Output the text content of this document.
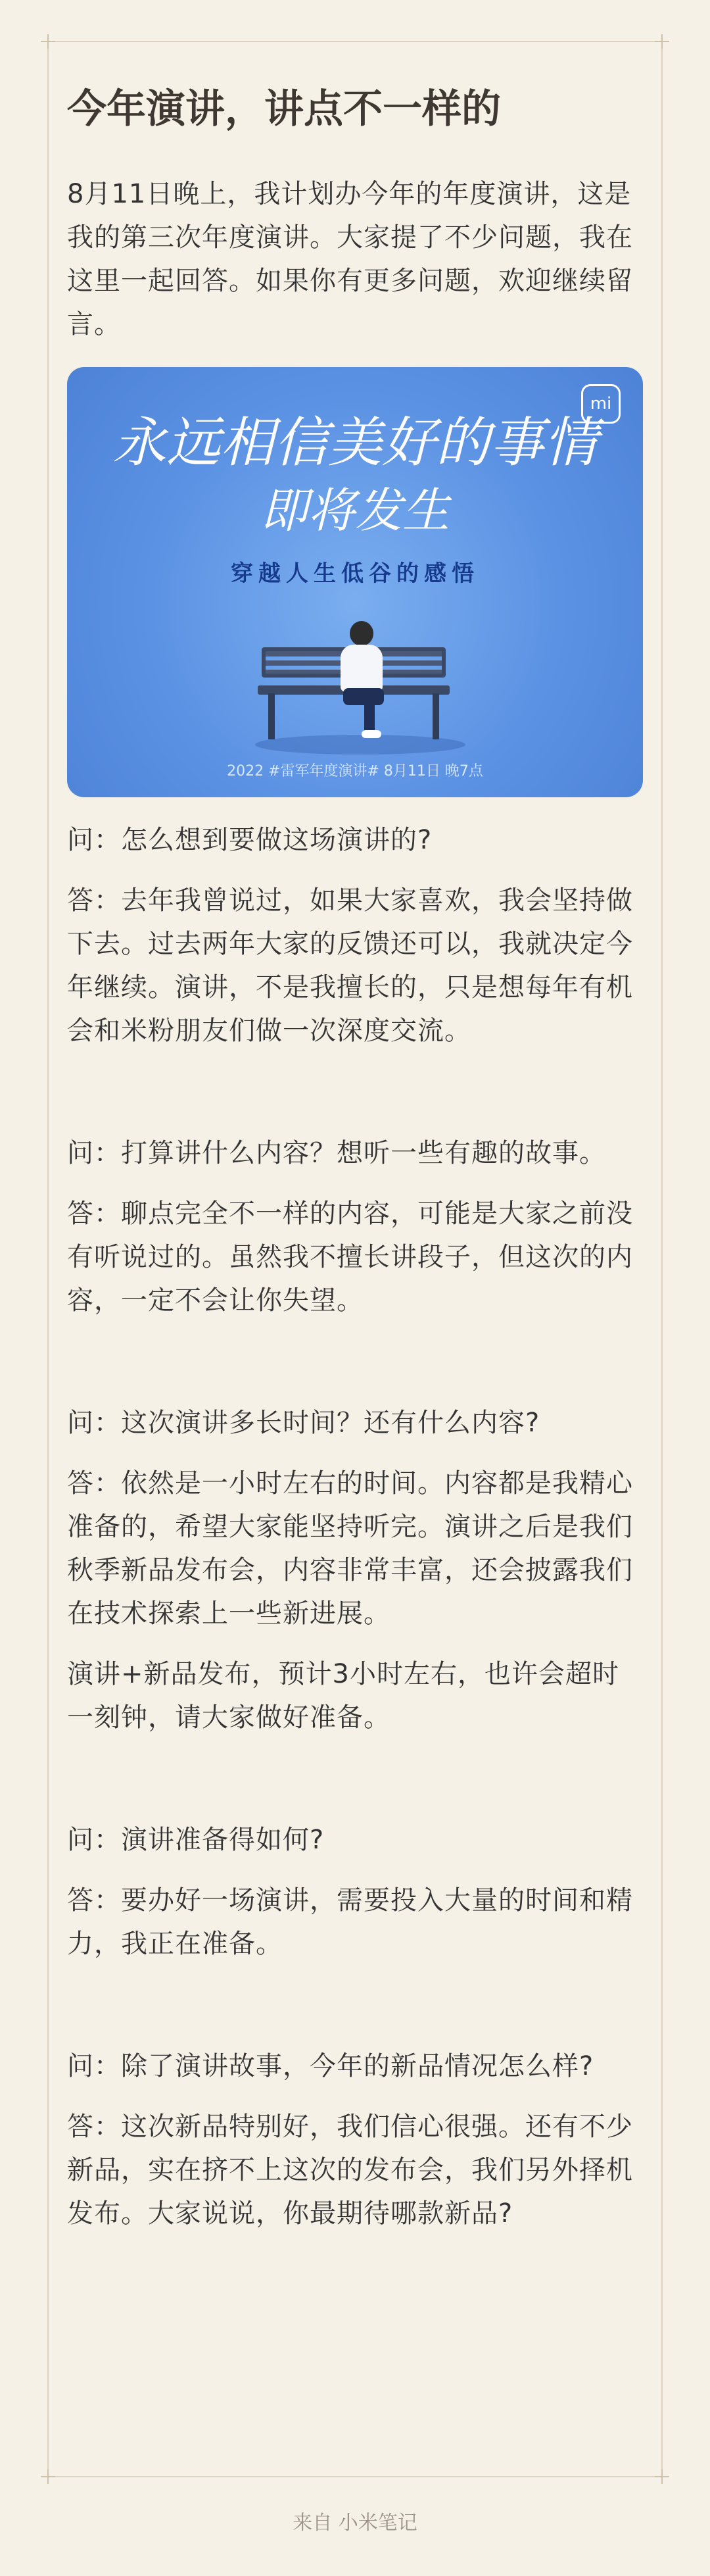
今年演讲，讲点不一样的

8月11日晚上，我计划办今年的年度演讲，这是我的第三次年度演讲。大家提了不少问题，我在这里一起回答。如果你有更多问题，欢迎继续留言。

mi
永远相信美好的事情
即将发生
穿越人生低谷的感悟
2022 #雷军年度演讲# 8月11日 晚7点

问：怎么想到要做这场演讲的?

答：去年我曾说过，如果大家喜欢，我会坚持做下去。过去两年大家的反馈还可以，我就决定今年继续。演讲，不是我擅长的，只是想每年有机会和米粉朋友们做一次深度交流。

问：打算讲什么内容？想听一些有趣的故事。

答：聊点完全不一样的内容，可能是大家之前没有听说过的。虽然我不擅长讲段子，但这次的内容，一定不会让你失望。

问：这次演讲多长时间？还有什么内容?

答：依然是一小时左右的时间。内容都是我精心准备的，希望大家能坚持听完。演讲之后是我们秋季新品发布会，内容非常丰富，还会披露我们在技术探索上一些新进展。

演讲+新品发布，预计3小时左右，也许会超时一刻钟，请大家做好准备。

问：演讲准备得如何?

答：要办好一场演讲，需要投入大量的时间和精力，我正在准备。

问：除了演讲故事，今年的新品情况怎么样?

答：这次新品特别好，我们信心很强。还有不少新品，实在挤不上这次的发布会，我们另外择机发布。大家说说，你最期待哪款新品?

来自 小米笔记
